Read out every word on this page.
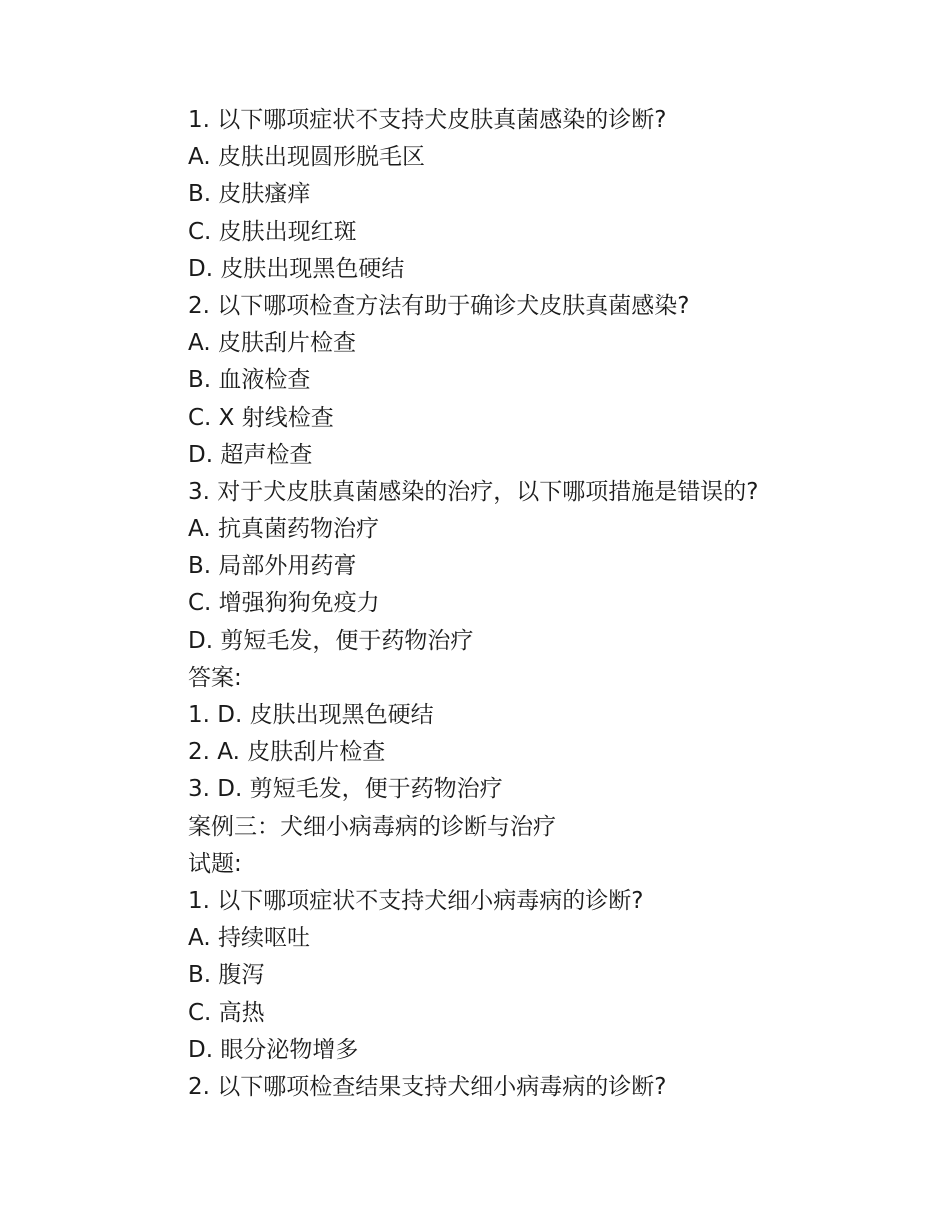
1. 以下哪项症状不支持犬皮肤真菌感染的诊断?
A. 皮肤出现圆形脱毛区
B. 皮肤瘙痒
C. 皮肤出现红斑
D. 皮肤出现黑色硬结
2. 以下哪项检查方法有助于确诊犬皮肤真菌感染?
A. 皮肤刮片检查
B. 血液检查
C. X 射线检查
D. 超声检查
3. 对于犬皮肤真菌感染的治疗，以下哪项措施是错误的?
A. 抗真菌药物治疗
B. 局部外用药膏
C. 增强狗狗免疫力
D. 剪短毛发，便于药物治疗
答案:
1. D. 皮肤出现黑色硬结
2. A. 皮肤刮片检查
3. D. 剪短毛发，便于药物治疗
案例三：犬细小病毒病的诊断与治疗
试题:
1. 以下哪项症状不支持犬细小病毒病的诊断?
A. 持续呕吐
B. 腹泻
C. 高热
D. 眼分泌物增多
2. 以下哪项检查结果支持犬细小病毒病的诊断?
